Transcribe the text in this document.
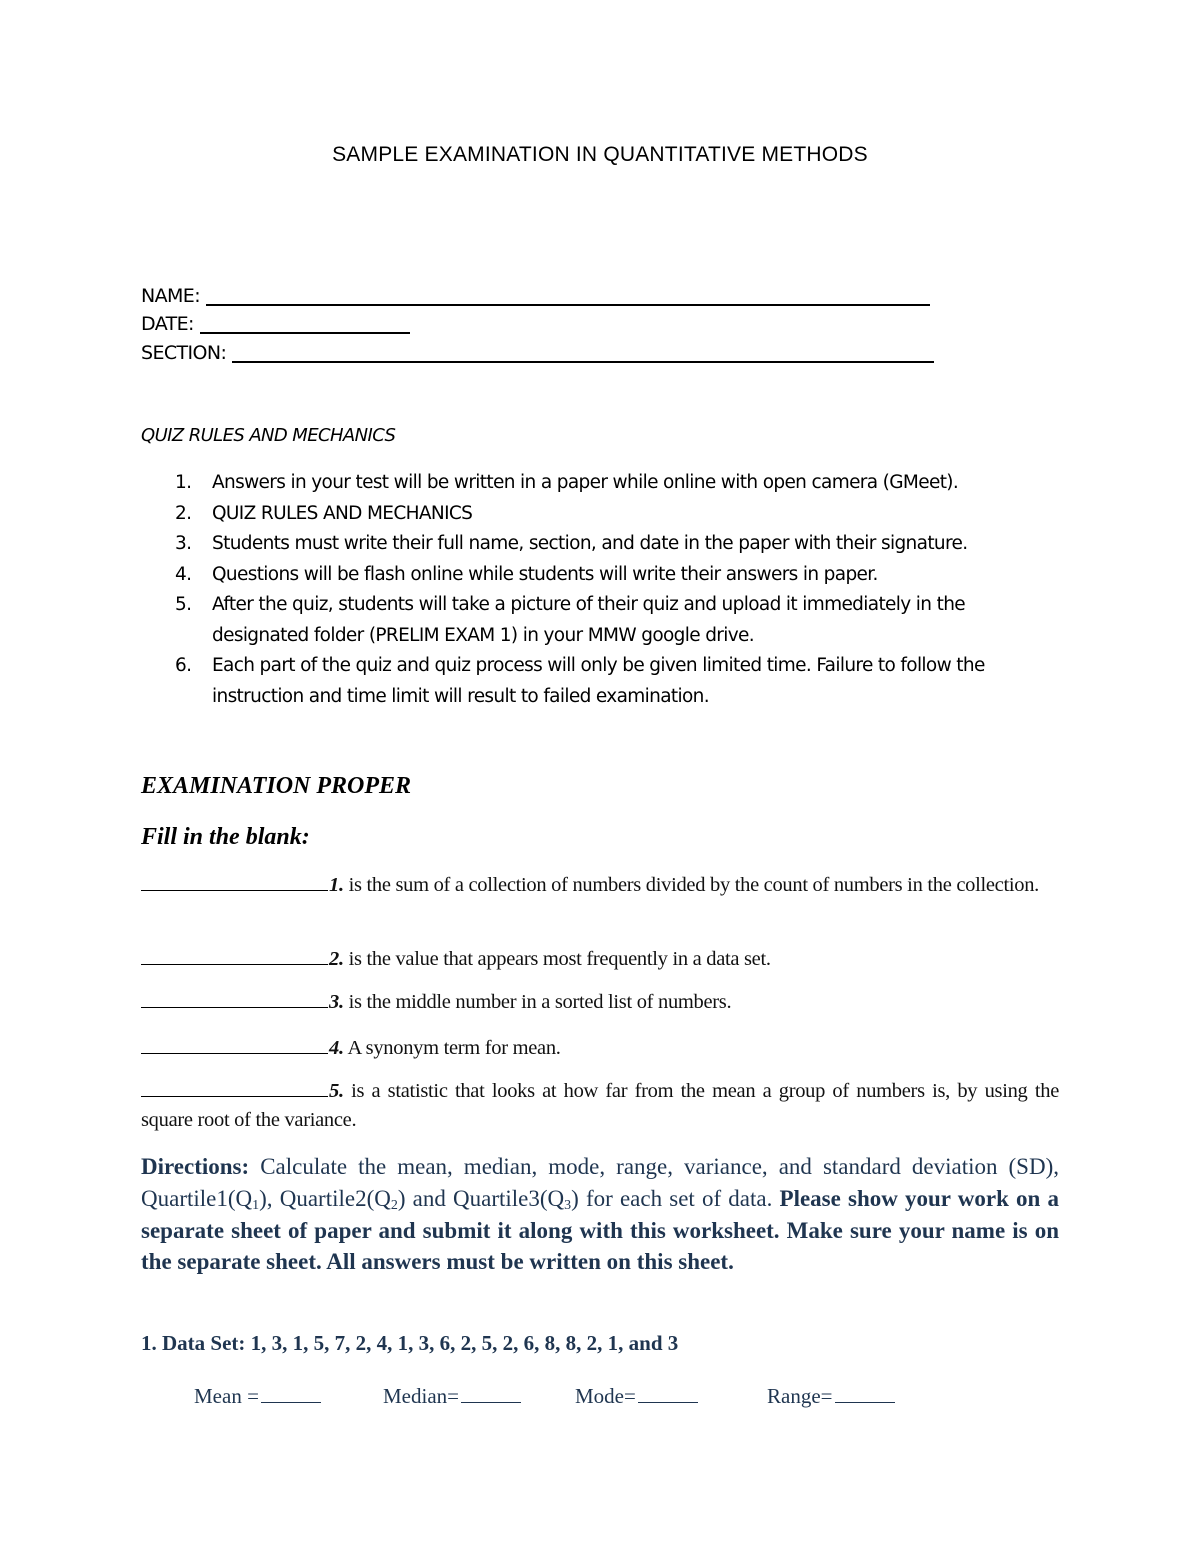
SAMPLE EXAMINATION IN QUANTITATIVE METHODS
NAME:
DATE:
SECTION:
QUIZ RULES AND MECHANICS
1. Answers in your test will be written in a paper while online with open camera (GMeet).
2. QUIZ RULES AND MECHANICS
3. Students must write their full name, section, and date in the paper with their signature.
4. Questions will be flash online while students will write their answers in paper.
5. After the quiz, students will take a picture of their quiz and upload it immediately in the designated folder (PRELIM EXAM 1) in your MMW google drive.
6. Each part of the quiz and quiz process will only be given limited time. Failure to follow the instruction and time limit will result to failed examination.
EXAMINATION PROPER
Fill in the blank:
1. is the sum of a collection of numbers divided by the count of numbers in the collection.
2. is the value that appears most frequently in a data set.
3. is the middle number in a sorted list of numbers.
4. A synonym term for mean.
5. is a statistic that looks at how far from the mean a group of numbers is, by using the square root of the variance.
Directions: Calculate the mean, median, mode, range, variance, and standard deviation (SD), $Quartile1(Q_1)$, $Quartile2(Q_2)$ and $Quartile3(Q_3)$ for each set of data. Please show your work on a separate sheet of paper and submit it along with this worksheet. Make sure your name is on the separate sheet. All answers must be written on this sheet.
1. Data Set: 1, 3, 1, 5, 7, 2, 4, 1, 3, 6, 2, 5, 2, 6, 8, 8, 2, 1, and 3
Mean =	Median=	Mode=	Range=
